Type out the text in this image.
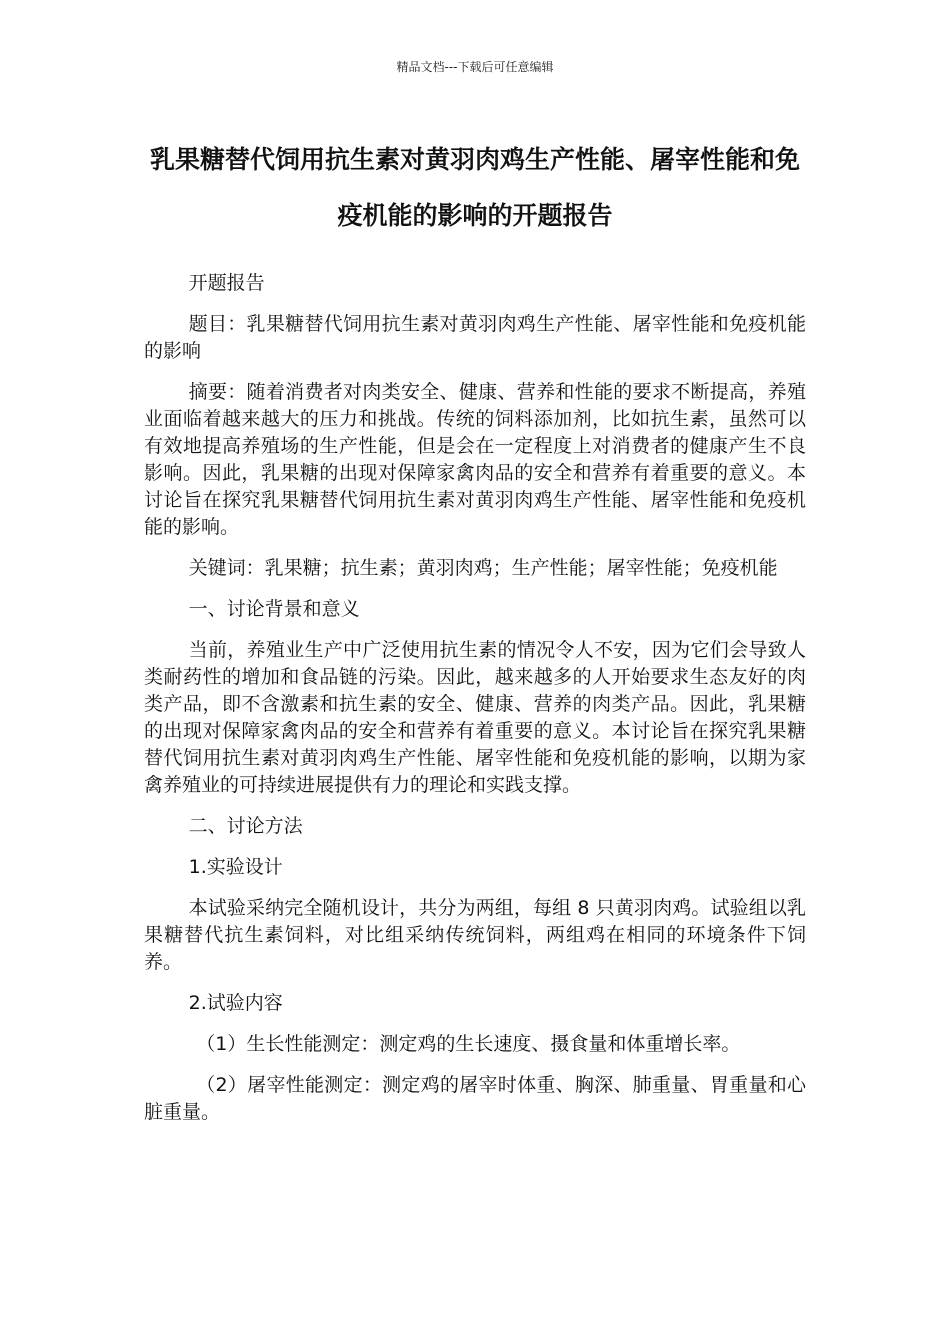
精品文档---下载后可任意编辑
乳果糖替代饲用抗生素对黄羽肉鸡生产性能、屠宰性能和免疫机能的影响的开题报告

开题报告

题目：乳果糖替代饲用抗生素对黄羽肉鸡生产性能、屠宰性能和免疫机能的影响

摘要：随着消费者对肉类安全、健康、营养和性能的要求不断提高，养殖业面临着越来越大的压力和挑战。传统的饲料添加剂，比如抗生素，虽然可以有效地提高养殖场的生产性能，但是会在一定程度上对消费者的健康产生不良影响。因此，乳果糖的出现对保障家禽肉品的安全和营养有着重要的意义。本讨论旨在探究乳果糖替代饲用抗生素对黄羽肉鸡生产性能、屠宰性能和免疫机能的影响。

关键词：乳果糖；抗生素；黄羽肉鸡；生产性能；屠宰性能；免疫机能

一、讨论背景和意义

当前，养殖业生产中广泛使用抗生素的情况令人不安，因为它们会导致人类耐药性的增加和食品链的污染。因此，越来越多的人开始要求生态友好的肉类产品，即不含激素和抗生素的安全、健康、营养的肉类产品。因此，乳果糖的出现对保障家禽肉品的安全和营养有着重要的意义。本讨论旨在探究乳果糖替代饲用抗生素对黄羽肉鸡生产性能、屠宰性能和免疫机能的影响，以期为家禽养殖业的可持续进展提供有力的理论和实践支撑。

二、讨论方法

1.实验设计

本试验采纳完全随机设计，共分为两组，每组 8 只黄羽肉鸡。试验组以乳果糖替代抗生素饲料，对比组采纳传统饲料，两组鸡在相同的环境条件下饲养。

2.试验内容

（1）生长性能测定：测定鸡的生长速度、摄食量和体重增长率。

（2）屠宰性能测定：测定鸡的屠宰时体重、胸深、肺重量、胃重量和心脏重量。
